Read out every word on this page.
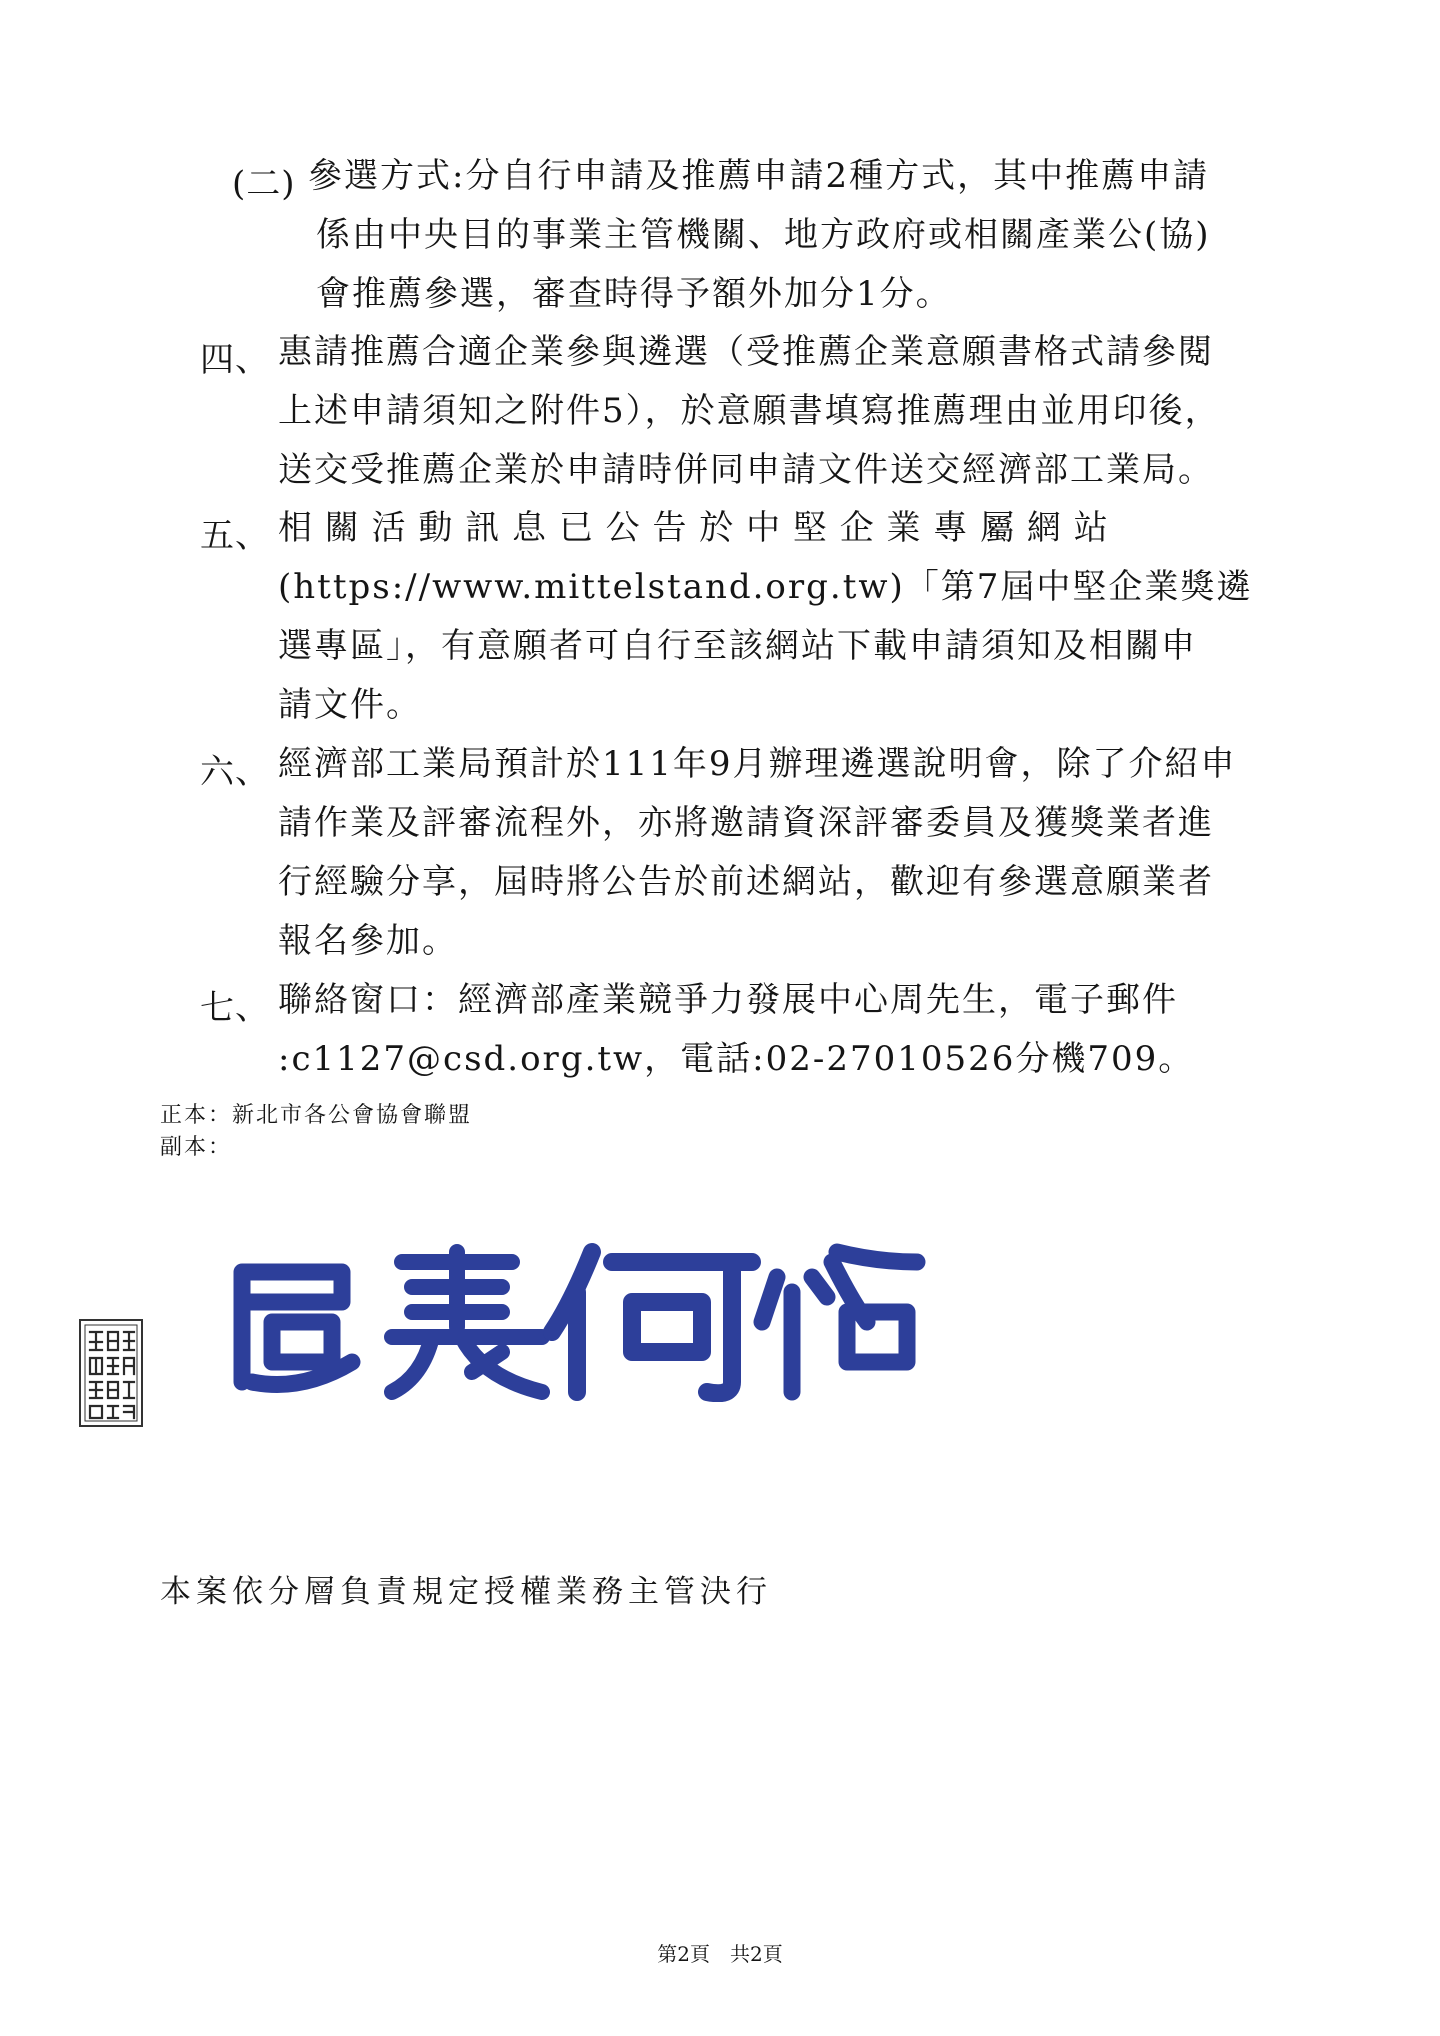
(二) 參選方式:分自行申請及推薦申請2種方式，其中推薦申請
係由中央目的事業主管機關、地方政府或相關產業公(協)
會推薦參選，審查時得予額外加分1分。
四、 惠請推薦合適企業參與遴選（受推薦企業意願書格式請參閱
上述申請須知之附件5），於意願書填寫推薦理由並用印後，
送交受推薦企業於申請時併同申請文件送交經濟部工業局。
五、 相 關 活 動 訊 息 已 公 告 於 中 堅 企 業 專 屬 網 站
(https://www.mittelstand.org.tw)「第7屆中堅企業獎遴
選專區」，有意願者可自行至該網站下載申請須知及相關申
請文件。
六、 經濟部工業局預計於111年9月辦理遴選說明會，除了介紹申
請作業及評審流程外，亦將邀請資深評審委員及獲獎業者進
行經驗分享，屆時將公告於前述網站，歡迎有參選意願業者
報名參加。
七、 聯絡窗口：經濟部產業競爭力發展中心周先生，電子郵件
:c1127@csd.org.tw，電話:02-27010526分機709。
正本：新北市各公會協會聯盟
副本：
本案依分層負責規定授權業務主管決行
第2頁　共2頁
